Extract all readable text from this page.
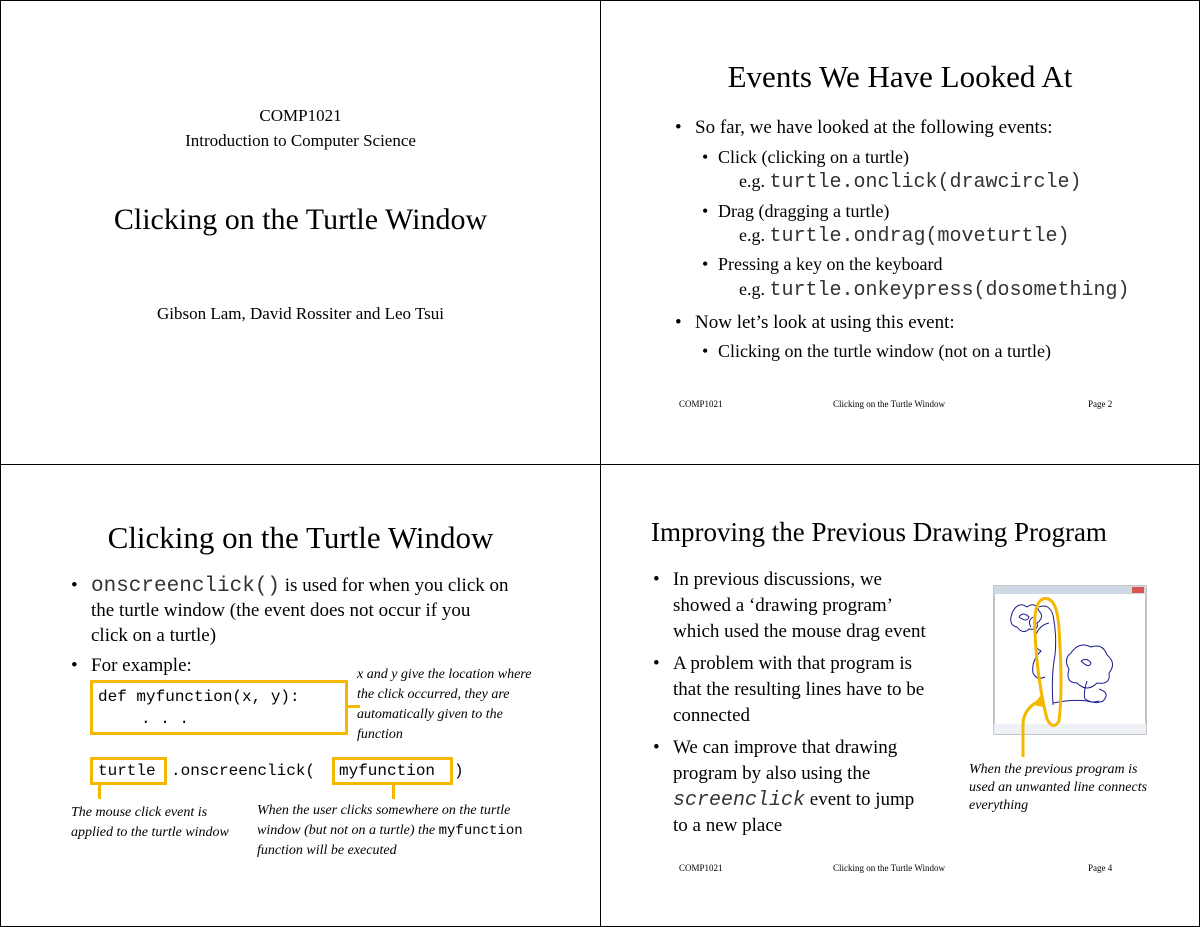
COMP1021
Introduction to Computer Science
Clicking on the Turtle Window
Gibson Lam, David Rossiter and Leo Tsui
Events We Have Looked At
• So far, we have looked at the following events:
• Click (clicking on a turtle)
e.g. turtle.onclick(drawcircle)
• Drag (dragging a turtle)
e.g. turtle.ondrag(moveturtle)
• Pressing a key on the keyboard
e.g. turtle.onkeypress(dosomething)
• Now let’s look at using this event:
• Clicking on the turtle window (not on a turtle)
COMP1021	Clicking on the Turtle Window	Page 2
Clicking on the Turtle Window
• onscreenclick() is used for when you click on
the turtle window (the event does not occur if you
click on a turtle)
• For example:
def myfunction(x, y):
. . .
x and y give the location where the click occurred, they are automatically given to the function
turtle .onscreenclick( myfunction )
The mouse click event is applied to the turtle window
When the user clicks somewhere on the turtle window (but not on a turtle) the myfunction function will be executed
Improving the Previous Drawing Program
• In previous discussions, we
showed a ‘drawing program’
which used the mouse drag event
• A problem with that program is
that the resulting lines have to be
connected
• We can improve that drawing
program by also using the
screenclick event to jump
to a new place
When the previous program is used an unwanted line connects everything
COMP1021	Clicking on the Turtle Window	Page 4
